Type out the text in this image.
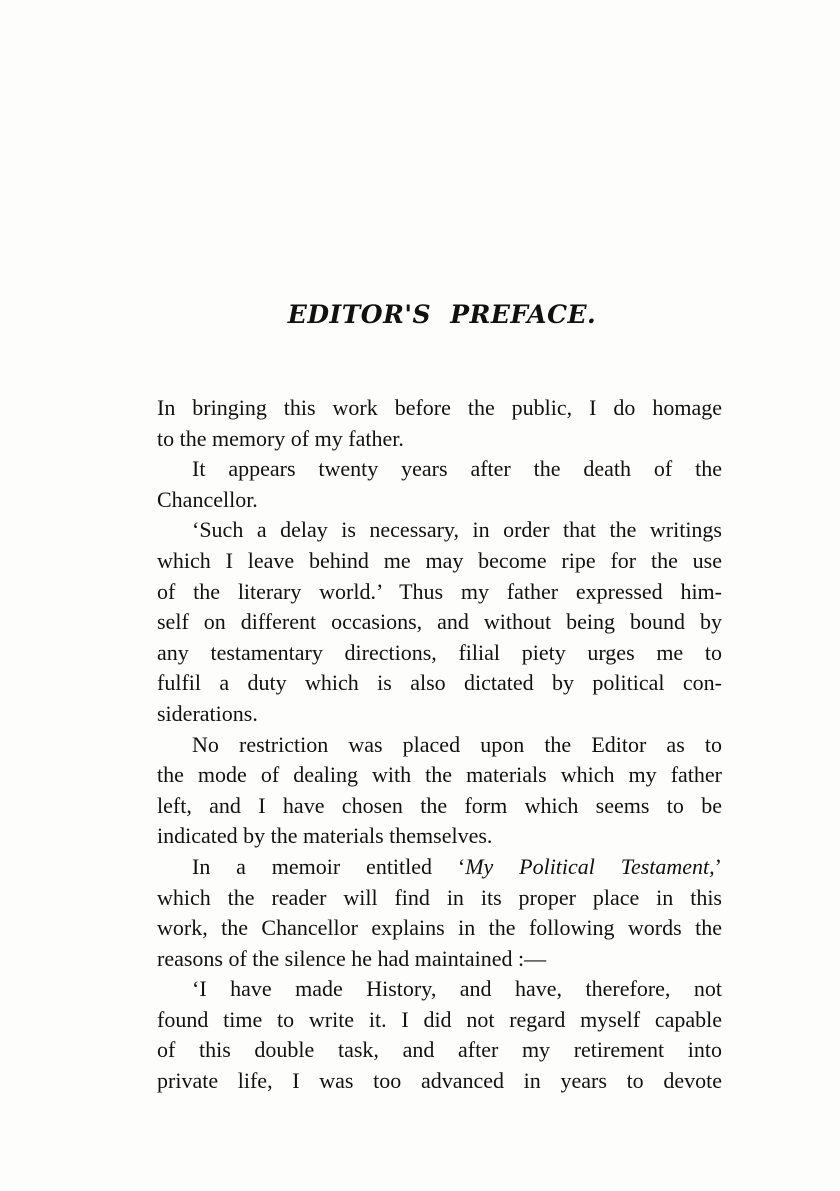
EDITOR'S PREFACE.
In bringing this work before the public, I do homage
to the memory of my father.
It appears twenty years after the death of the
Chancellor.
‘Such a delay is necessary, in order that the writings
which I leave behind me may become ripe for the use
of the literary world.’ Thus my father expressed him-
self on different occasions, and without being bound by
any testamentary directions, filial piety urges me to
fulfil a duty which is also dictated by political con-
siderations.
No restriction was placed upon the Editor as to
the mode of dealing with the materials which my father
left, and I have chosen the form which seems to be
indicated by the materials themselves.
In a memoir entitled ‘My Political Testament,’
which the reader will find in its proper place in this
work, the Chancellor explains in the following words the
reasons of the silence he had maintained :—
‘I have made History, and have, therefore, not
found time to write it. I did not regard myself capable
of this double task, and after my retirement into
private life, I was too advanced in years to devote
